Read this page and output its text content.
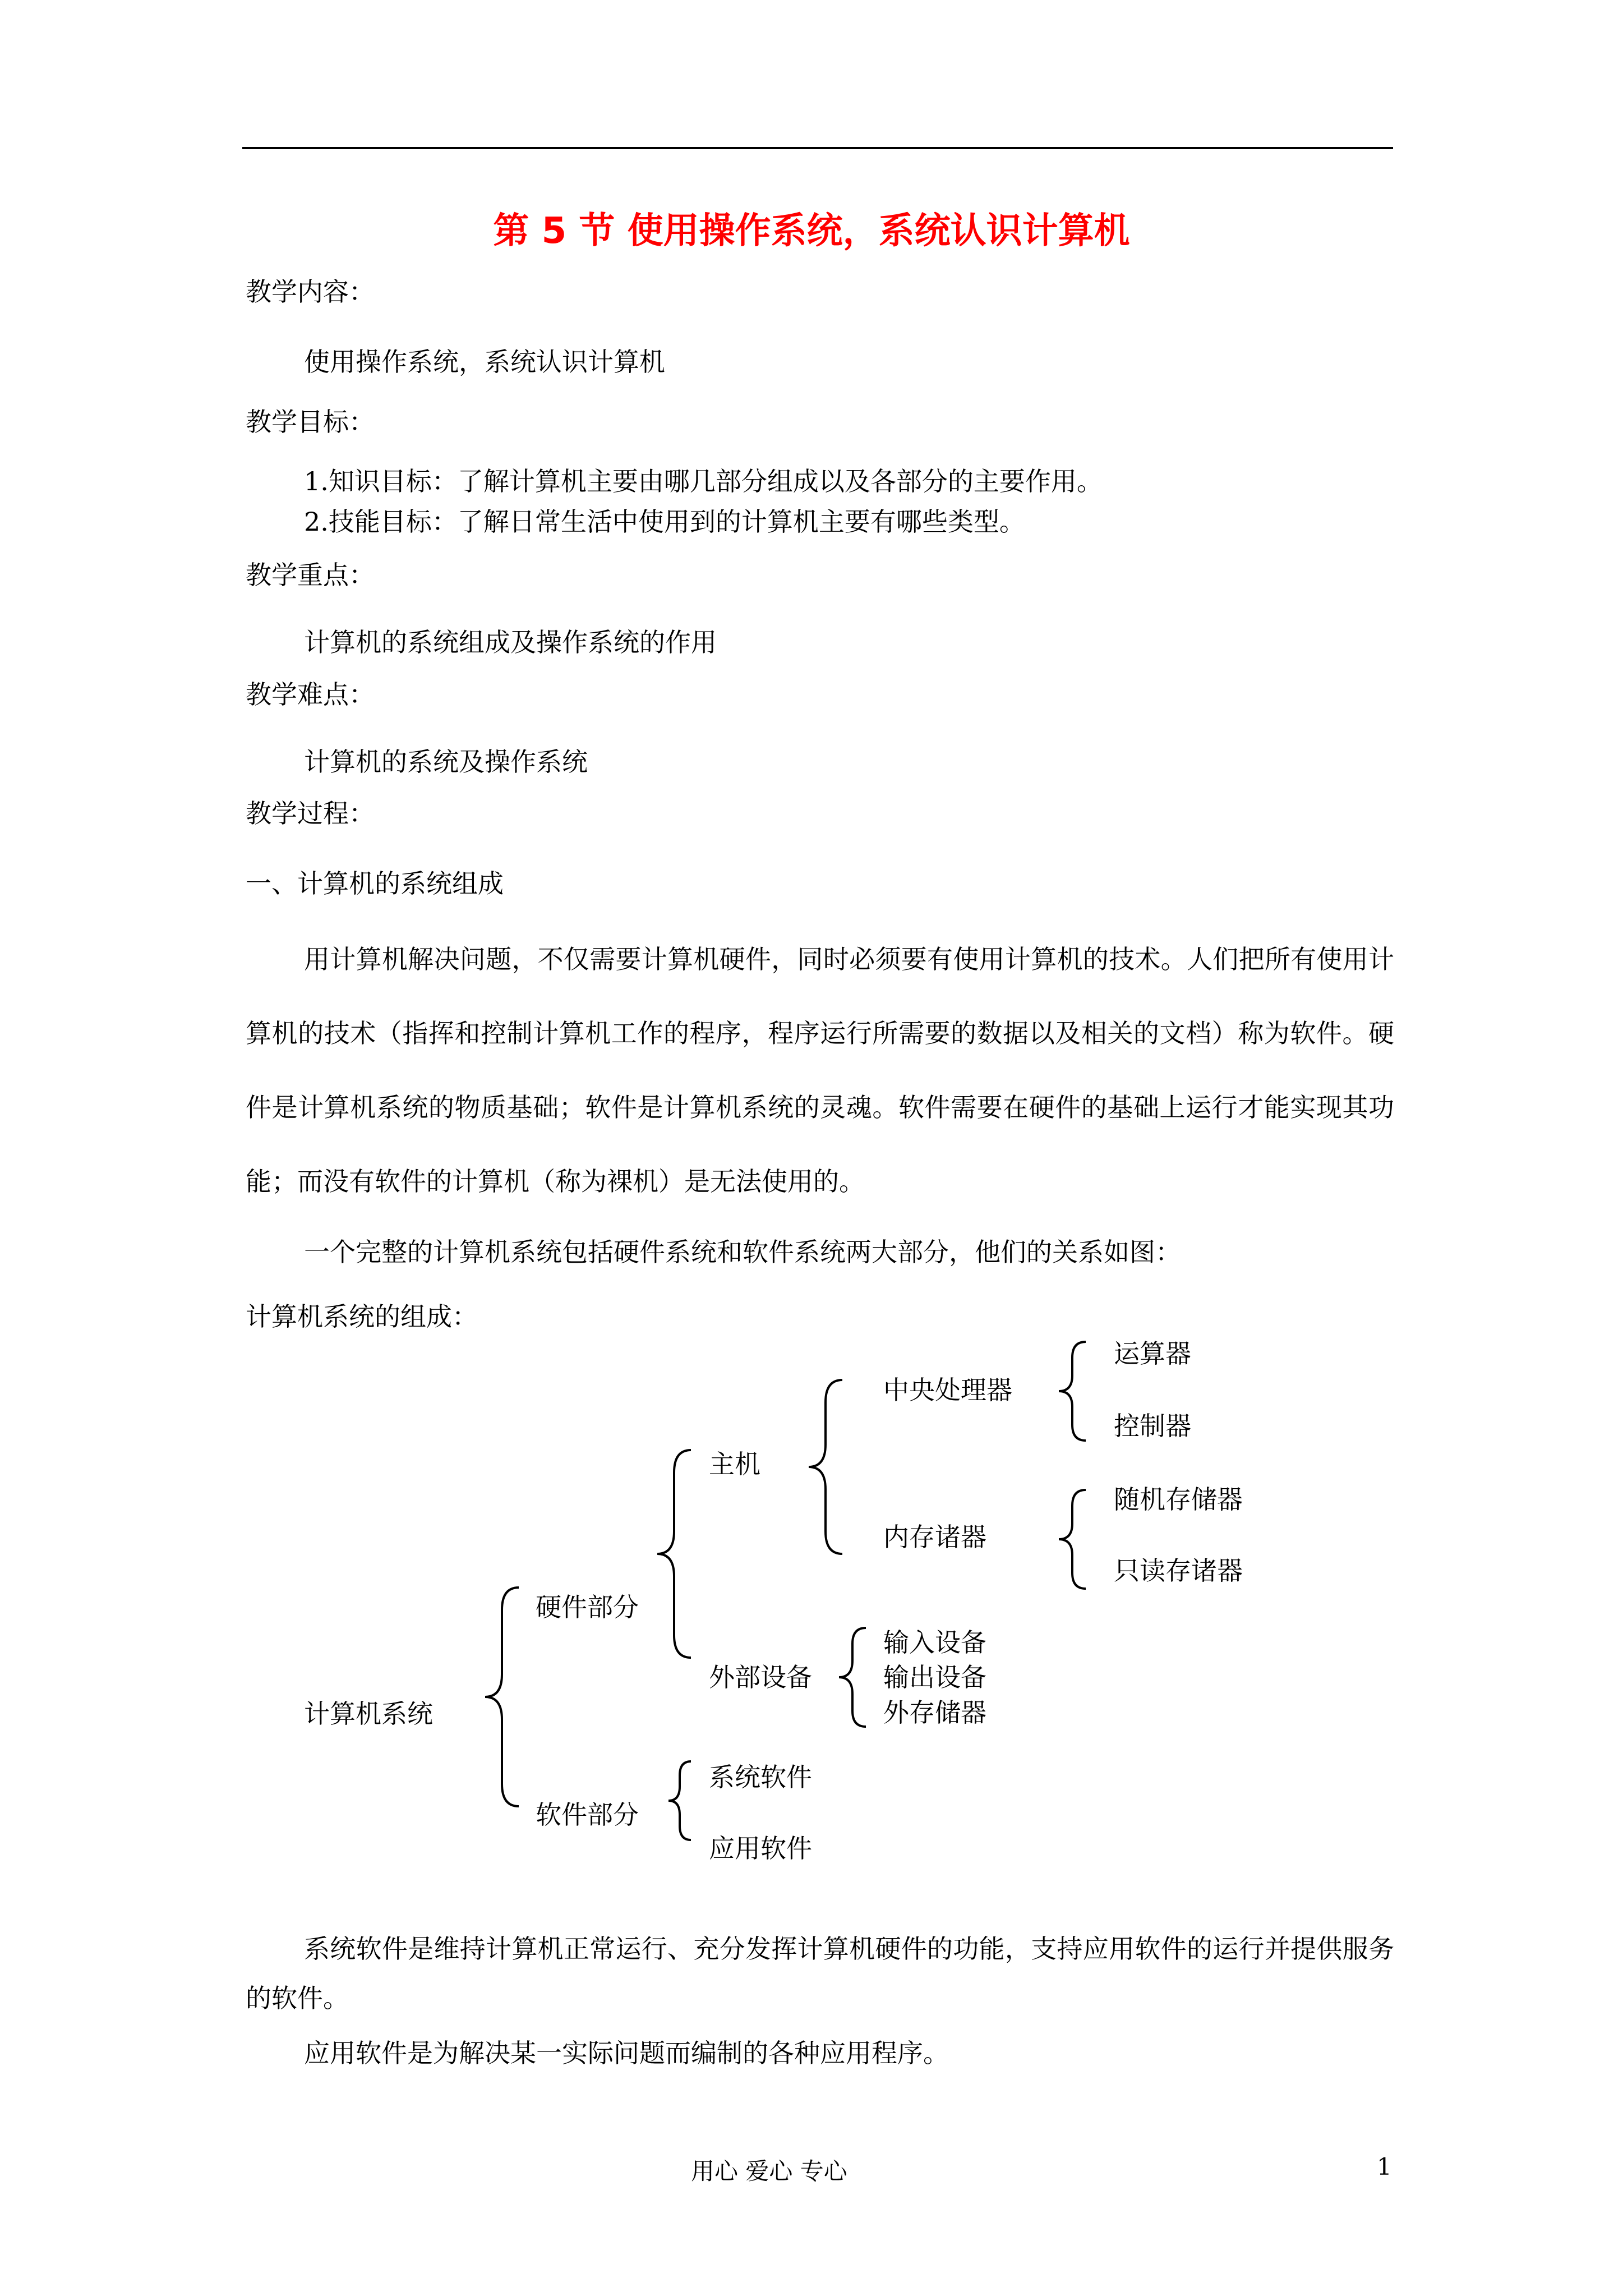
第 5 节 使用操作系统，系统认识计算机
教学内容：
使用操作系统，系统认识计算机
教学目标：
1.知识目标：了解计算机主要由哪几部分组成以及各部分的主要作用。
2.技能目标：了解日常生活中使用到的计算机主要有哪些类型。
教学重点：
计算机的系统组成及操作系统的作用
教学难点：
计算机的系统及操作系统
教学过程：
一、计算机的系统组成
用计算机解决问题，不仅需要计算机硬件，同时必须要有使用计算机的技术。人们把所有使用计算机的技术（指挥和控制计算机工作的程序，程序运行所需要的数据以及相关的文档）称为软件。硬件是计算机系统的物质基础；软件是计算机系统的灵魂。软件需要在硬件的基础上运行才能实现其功能；而没有软件的计算机（称为裸机）是无法使用的。
一个完整的计算机系统包括硬件系统和软件系统两大部分，他们的关系如图：
计算机系统的组成：
计算机系统
硬件部分
软件部分
主机
外部设备
中央处理器
内存诸器
运算器
控制器
随机存储器
只读存诸器
输入设备
输出设备
外存储器
系统软件
应用软件
系统软件是维持计算机正常运行、充分发挥计算机硬件的功能，支持应用软件的运行并提供服务的软件。
应用软件是为解决某一实际问题而编制的各种应用程序。
用心 爱心 专心	1
